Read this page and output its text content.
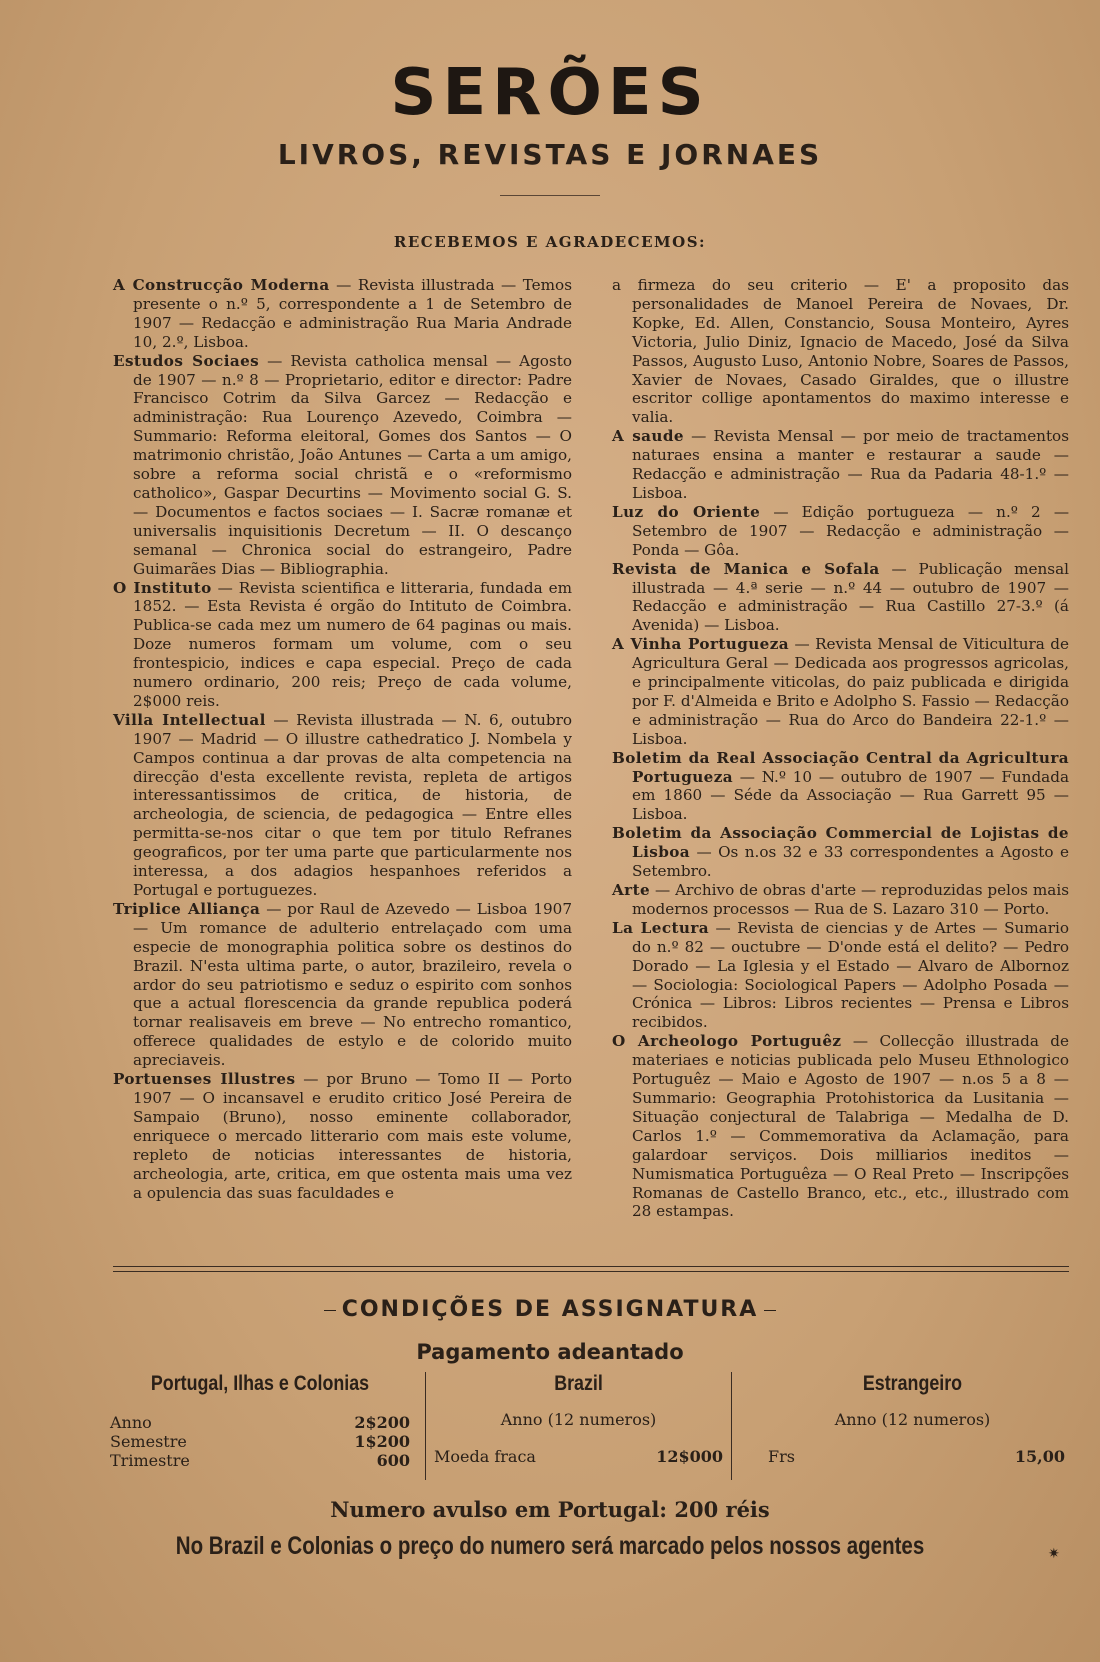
SERÕES
LIVROS, REVISTAS E JORNAES
RECEBEMOS E AGRADECEMOS:

A Construcção Moderna — Revista illustrada — Temos presente o n.º 5, correspondente a 1 de Setembro de 1907 — Redacção e administração Rua Maria Andrade 10, 2.º, Lisboa.

Estudos Sociaes — Revista catholica mensal — Agosto de 1907 — n.º 8 — Proprietario, editor e director: Padre Francisco Cotrim da Silva Garcez — Redacção e administração: Rua Lourenço Azevedo, Coimbra — Summario: Reforma eleitoral, Gomes dos Santos — O matrimonio christão, João Antunes — Carta a um amigo, sobre a reforma social christã e o «reformismo catholico», Gaspar Decurtins — Movimento social G. S. — Documentos e factos sociaes — I. Sacræ romanæ et universalis inquisitionis Decretum — II. O descanço semanal — Chronica social do estrangeiro, Padre Guimarães Dias — Bibliographia.

O Instituto — Revista scientifica e litteraria, fundada em 1852. — Esta Revista é orgão do Intituto de Coimbra. Publica-se cada mez um numero de 64 paginas ou mais. Doze numeros formam um volume, com o seu frontespicio, indices e capa especial. Preço de cada numero ordinario, 200 reis; Preço de cada volume, 2$000 reis.

Villa Intellectual — Revista illustrada — N. 6, outubro 1907 — Madrid — O illustre cathedratico J. Nombela y Campos continua a dar provas de alta competencia na direcção d'esta excellente revista, repleta de artigos interessantissimos de critica, de historia, de archeologia, de sciencia, de pedagogica — Entre elles permitta-se-nos citar o que tem por titulo Refranes geograficos, por ter uma parte que particularmente nos interessa, a dos adagios hespanhoes referidos a Portugal e portuguezes.

Triplice Alliança — por Raul de Azevedo — Lisboa 1907 — Um romance de adulterio entrelaçado com uma especie de monographia politica sobre os destinos do Brazil. N'esta ultima parte, o autor, brazileiro, revela o ardor do seu patriotismo e seduz o espirito com sonhos que a actual florescencia da grande republica poderá tornar realisaveis em breve — No entrecho romantico, offerece qualidades de estylo e de colorido muito apreciaveis.

Portuenses Illustres — por Bruno — Tomo II — Porto 1907 — O incansavel e erudito critico José Pereira de Sampaio (Bruno), nosso eminente collaborador, enriquece o mercado litterario com mais este volume, repleto de noticias interessantes de historia, archeologia, arte, critica, em que ostenta mais uma vez a opulencia das suas faculdades e

a firmeza do seu criterio — E' a proposito das personalidades de Manoel Pereira de Novaes, Dr. Kopke, Ed. Allen, Constancio, Sousa Monteiro, Ayres Victoria, Julio Diniz, Ignacio de Macedo, José da Silva Passos, Augusto Luso, Antonio Nobre, Soares de Passos, Xavier de Novaes, Casado Giraldes, que o illustre escritor collige apontamentos do maximo interesse e valia.

A saude — Revista Mensal — por meio de tractamentos naturaes ensina a manter e restaurar a saude — Redacção e administração — Rua da Padaria 48-1.º — Lisboa.

Luz do Oriente — Edição portugueza — n.º 2 — Setembro de 1907 — Redacção e administração — Ponda — Gôa.

Revista de Manica e Sofala — Publicação mensal illustrada — 4.ª serie — n.º 44 — outubro de 1907 — Redacção e administração — Rua Castillo 27-3.º (á Avenida) — Lisboa.

A Vinha Portugueza — Revista Mensal de Viticultura de Agricultura Geral — Dedicada aos progressos agricolas, e principalmente viticolas, do paiz publicada e dirigida por F. d'Almeida e Brito e Adolpho S. Fassio — Redacção e administração — Rua do Arco do Bandeira 22-1.º — Lisboa.

Boletim da Real Associação Central da Agricultura Portugueza — N.º 10 — outubro de 1907 — Fundada em 1860 — Séde da Associação — Rua Garrett 95 — Lisboa.

Boletim da Associação Commercial de Lojistas de Lisboa — Os n.os 32 e 33 correspondentes a Agosto e Setembro.

Arte — Archivo de obras d'arte — reproduzidas pelos mais modernos processos — Rua de S. Lazaro 310 — Porto.

La Lectura — Revista de ciencias y de Artes — Sumario do n.º 82 — ouctubre — D'onde está el delito? — Pedro Dorado — La Iglesia y el Estado — Alvaro de Albornoz — Sociologia: Sociological Papers — Adolpho Posada — Crónica — Libros: Libros recientes — Prensa e Libros recibidos.

O Archeologo Portuguêz — Collecção illustrada de materiaes e noticias publicada pelo Museu Ethnologico Portuguêz — Maio e Agosto de 1907 — n.os 5 a 8 — Summario: Geographia Protohistorica da Lusitania — Situação conjectural de Talabriga — Medalha de D. Carlos 1.º — Commemorativa da Aclamação, para galardoar serviços. Dois milliarios ineditos — Numismatica Portuguêza — O Real Preto — Inscripções Romanas de Castello Branco, etc., etc., illustrado com 28 estampas.

CONDIÇÕES DE ASSIGNATURA
Pagamento adeantado
Portugal, Ilhas e Colonias
Anno	2$200
Semestre	1$200
Trimestre	600
Brazil
Anno (12 numeros)
Moeda fraca	12$000
Estrangeiro
Anno (12 numeros)
Frs	15,00
Numero avulso em Portugal: 200 réis
No Brazil e Colonias o preço do numero será marcado pelos nossos agentes	✷
